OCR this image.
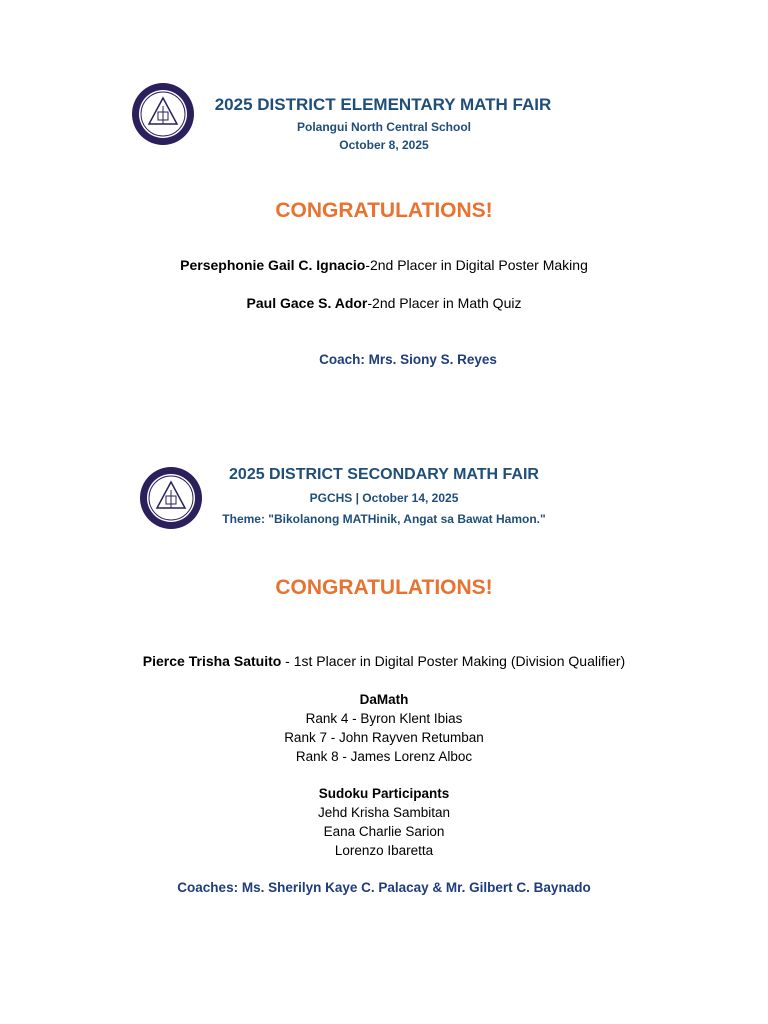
2025 DISTRICT ELEMENTARY MATH FAIR
Polangui North Central School
October 8, 2025
CONGRATULATIONS!
Persephonie Gail C. Ignacio-2nd Placer in Digital Poster Making
Paul Gace S. Ador-2nd Placer in Math Quiz
Coach: Mrs. Siony S. Reyes
2025 DISTRICT SECONDARY MATH FAIR
PGCHS | October 14, 2025
Theme: "Bikolanong MATHinik, Angat sa Bawat Hamon."
CONGRATULATIONS!
Pierce Trisha Satuito - 1st Placer in Digital Poster Making (Division Qualifier)
DaMath
Rank 4 - Byron Klent Ibias
Rank 7 - John Rayven Retumban
Rank 8 - James Lorenz Alboc
Sudoku Participants
Jehd Krisha Sambitan
Eana Charlie Sarion
Lorenzo Ibaretta
Coaches: Ms. Sherilyn Kaye C. Palacay & Mr. Gilbert C. Baynado
